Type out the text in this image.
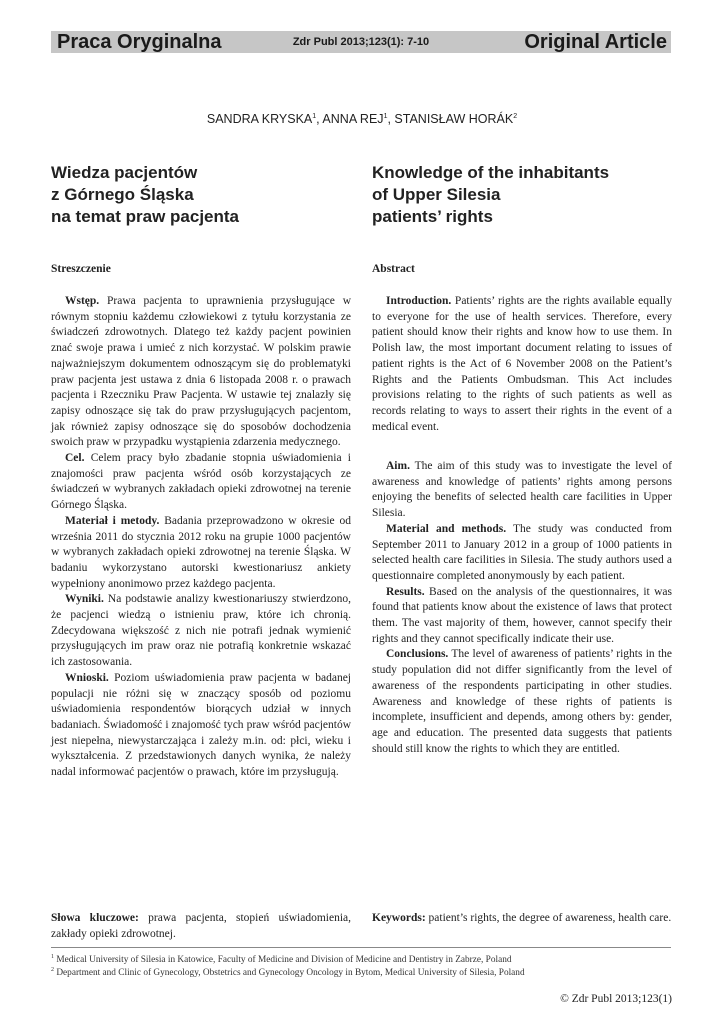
Praca Oryginalna	Zdr Publ 2013;123(1): 7-10	Original Article
SANDRA KRYSKA$^1$, ANNA REJ$^1$, STANISŁAW HORÁK$^2$
Wiedza pacjentów
z Górnego Śląska
na temat praw pacjenta
Knowledge of the inhabitants
of Upper Silesia
patients’ rights
Streszczenie	Abstract

Wstęp. Prawa pacjenta to uprawnienia przysługujące w równym stopniu każdemu człowiekowi z tytułu korzystania ze świadczeń zdrowotnych. Dlatego też każdy pacjent powinien znać swoje prawa i umieć z nich korzystać. W polskim prawie najważniejszym dokumentem odnoszącym się do problematyki praw pacjenta jest ustawa z dnia 6 listopada 2008 r. o prawach pacjenta i Rzeczniku Praw Pacjenta. W ustawie tej znalazły się zapisy odnoszące się tak do praw przysługujących pacjentom, jak również zapisy odnoszące się do sposobów dochodzenia swoich praw w przypadku wystąpienia zdarzenia medycznego.

Cel. Celem pracy było zbadanie stopnia uświadomienia i znajomości praw pacjenta wśród osób korzystających ze świadczeń w wybranych zakładach opieki zdrowotnej na terenie Górnego Śląska.

Materiał i metody. Badania przeprowadzono w okresie od września 2011 do stycznia 2012 roku na grupie 1000 pacjentów w wybranych zakładach opieki zdrowotnej na terenie Śląska. W badaniu wykorzystano autorski kwestionariusz ankiety wypełniony anonimowo przez każdego pacjenta.

Wyniki. Na podstawie analizy kwestionariuszy stwierdzono, że pacjenci wiedzą o istnieniu praw, które ich chronią. Zdecydowana większość z nich nie potrafi jednak wymienić przysługujących im praw oraz nie potrafią konkretnie wskazać ich zastosowania.

Wnioski. Poziom uświadomienia praw pacjenta w badanej populacji nie różni się w znaczący sposób od poziomu uświadomienia respondentów biorących udział w innych badaniach. Świadomość i znajomość tych praw wśród pacjentów jest niepełna, niewystarczająca i zależy m.in. od: płci, wieku i wykształcenia. Z przedstawionych danych wynika, że należy nadal informować pacjentów o prawach, które im przysługują.

Introduction. Patients’ rights are the rights available equally to everyone for the use of health services. Therefore, every patient should know their rights and know how to use them. In Polish law, the most important document relating to issues of patient rights is the Act of 6 November 2008 on the Patient’s Rights and the Patients Ombudsman. This Act includes provisions relating to the rights of such patients as well as records relating to ways to assert their rights in the event of a medical event.

Aim. The aim of this study was to investigate the level of awareness and knowledge of patients’ rights among persons enjoying the benefits of selected health care facilities in Upper Silesia.

Material and methods. The study was conducted from September 2011 to January 2012 in a group of 1000 patients in selected health care facilities in Silesia. The study authors used a questionnaire completed anonymously by each patient.

Results. Based on the analysis of the questionnaires, it was found that patients know about the existence of laws that protect them. The vast majority of them, however, cannot specify their rights and they cannot specifically indicate their use.

Conclusions. The level of awareness of patients’ rights in the study population did not differ significantly from the level of awareness of the respondents participating in other studies. Awareness and knowledge of these rights of patients is incomplete, insufficient and depends, among others by: gender, age and education. The presented data suggests that patients should still know the rights to which they are entitled.

Słowa kluczowe: prawa pacjenta, stopień uświadomienia, zakłady opieki zdrowotnej.
Keywords: patient’s rights, the degree of awareness, health care.
$^1$ Medical University of Silesia in Katowice, Faculty of Medicine and Division of Medicine and Dentistry in Zabrze, Poland
$^2$ Department and Clinic of Gynecology, Obstetrics and Gynecology Oncology in Bytom, Medical University of Silesia, Poland
© Zdr Publ 2013;123(1)
